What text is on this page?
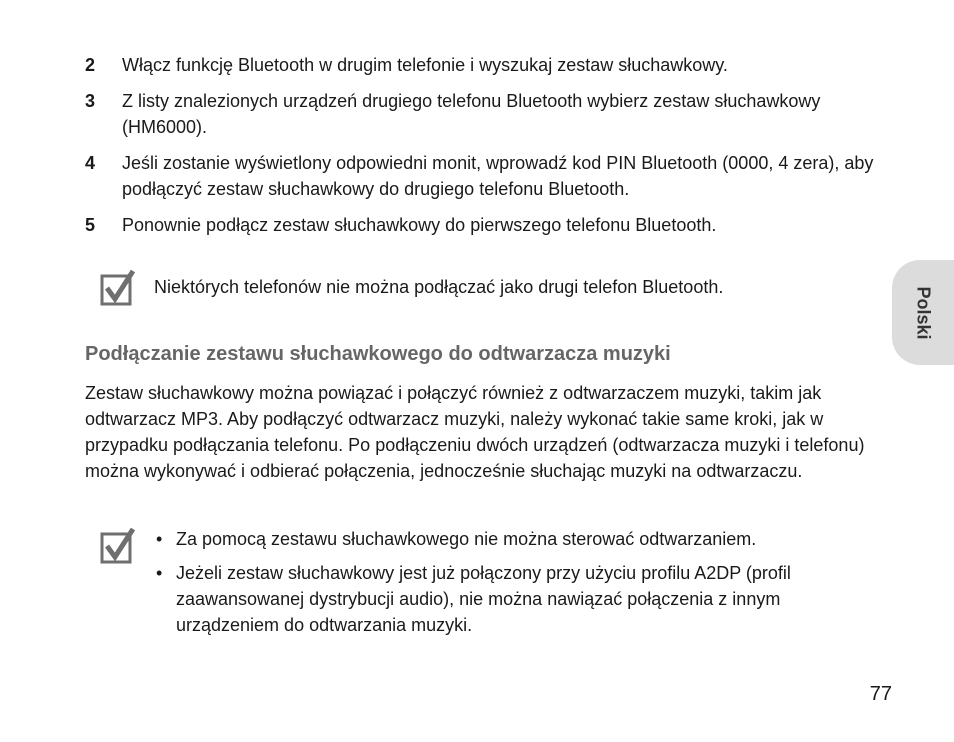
2	Włącz funkcję Bluetooth w drugim telefonie i wyszukaj zestaw słuchawkowy.
3	Z listy znalezionych urządzeń drugiego telefonu Bluetooth wybierz zestaw słuchawkowy (HM6000).
4	Jeśli zostanie wyświetlony odpowiedni monit, wprowadź kod PIN Bluetooth (0000, 4 zera), aby podłączyć zestaw słuchawkowy do drugiego telefonu Bluetooth.
5	Ponownie podłącz zestaw słuchawkowy do pierwszego telefonu Bluetooth.
Niektórych telefonów nie można podłączać jako drugi telefon Bluetooth.
Podłączanie zestawu słuchawkowego do odtwarzacza muzyki

Zestaw słuchawkowy można powiązać i połączyć również z odtwarzaczem muzyki, takim jak odtwarzacz MP3. Aby podłączyć odtwarzacz muzyki, należy wykonać takie same kroki, jak w przypadku podłączania telefonu. Po podłączeniu dwóch urządzeń (odtwarzacza muzyki i telefonu) można wykonywać i odbierać połączenia, jednocześnie słuchając muzyki na odtwarzaczu.

• Za pomocą zestawu słuchawkowego nie można sterować odtwarzaniem.
• Jeżeli zestaw słuchawkowy jest już połączony przy użyciu profilu A2DP (profil zaawansowanej dystrybucji audio), nie można nawiązać połączenia z innym urządzeniem do odtwarzania muzyki.
Polski
77
